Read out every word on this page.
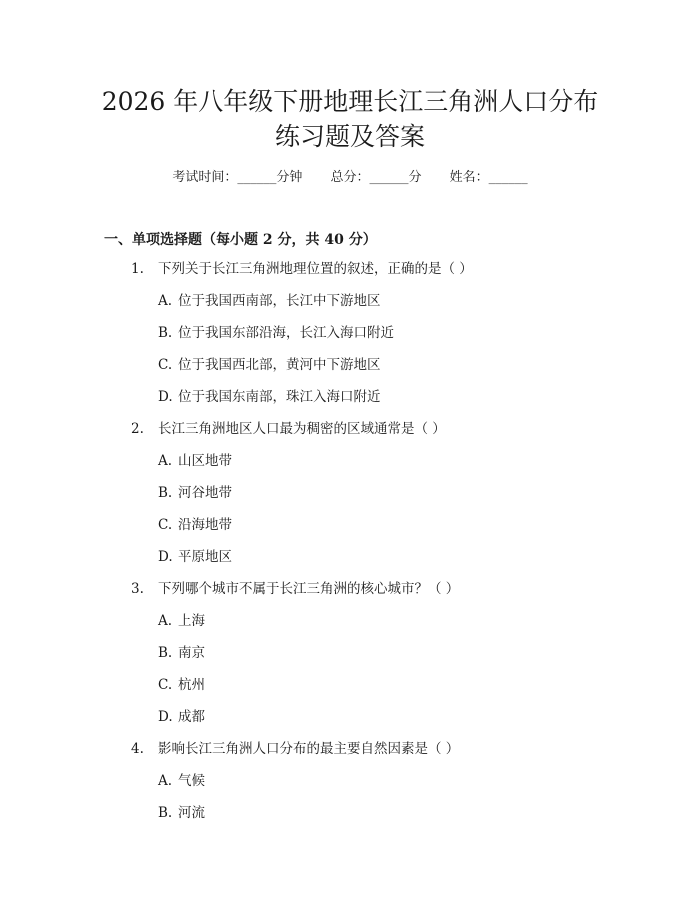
2026 年八年级下册地理长江三角洲人口分布
练习题及答案
考试时间：______分钟 总分：______分 姓名：______
一、单项选择题（每小题 2 分，共 40 分）
1. 下列关于长江三角洲地理位置的叙述，正确的是（ ）
A. 位于我国西南部，长江中下游地区
B. 位于我国东部沿海，长江入海口附近
C. 位于我国西北部，黄河中下游地区
D. 位于我国东南部，珠江入海口附近
2. 长江三角洲地区人口最为稠密的区域通常是（ ）
A. 山区地带
B. 河谷地带
C. 沿海地带
D. 平原地区
3. 下列哪个城市不属于长江三角洲的核心城市？（ ）
A. 上海
B. 南京
C. 杭州
D. 成都
4. 影响长江三角洲人口分布的最主要自然因素是（ ）
A. 气候
B. 河流
